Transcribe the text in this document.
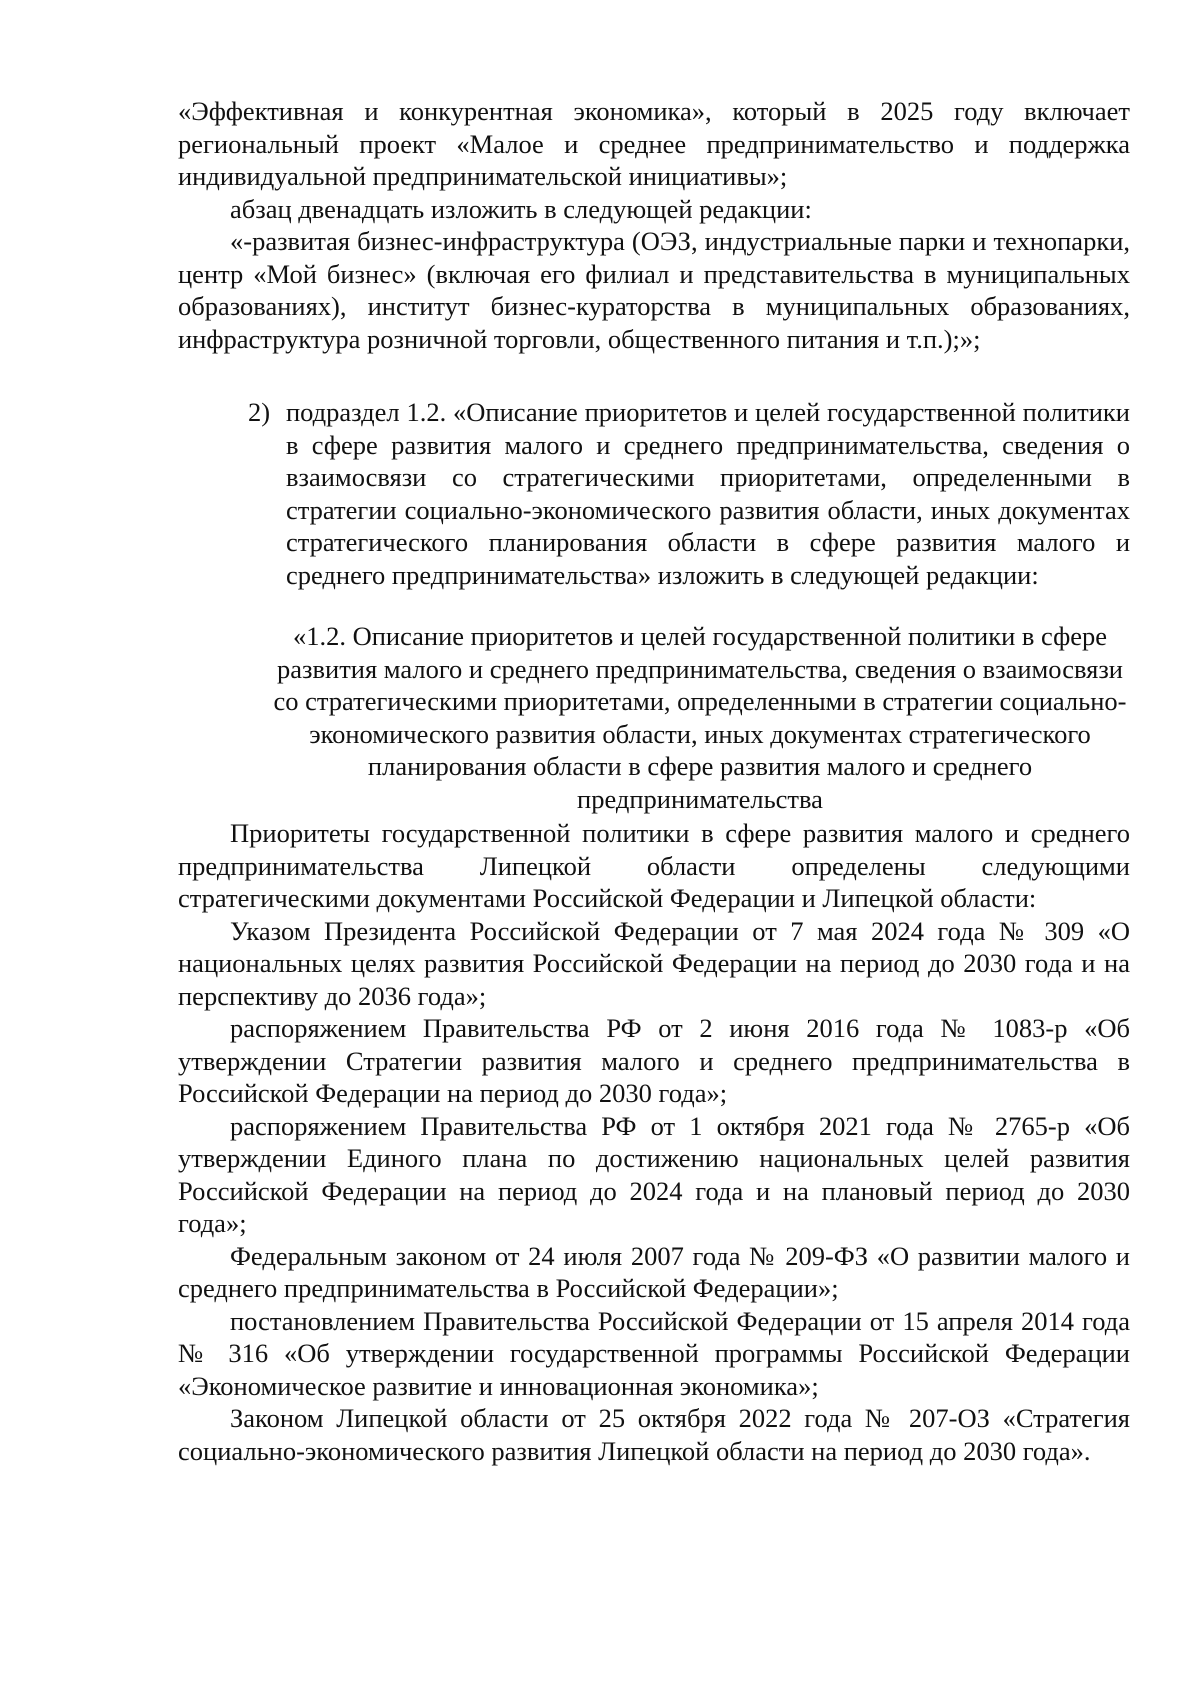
«Эффективная и конкурентная экономика», который в 2025 году включает региональный проект «Малое и среднее предпринимательство и поддержка индивидуальной предпринимательской инициативы»;

абзац двенадцать изложить в следующей редакции:

«-развитая бизнес-инфраструктура (ОЭЗ, индустриальные парки и технопарки, центр «Мой бизнес» (включая его филиал и представительства в муниципальных образованиях), институт бизнес-кураторства в муниципальных образованиях, инфраструктура розничной торговли, общественного питания и т.п.);»;

2) подраздел 1.2. «Описание приоритетов и целей государственной политики в сфере развития малого и среднего предпринимательства, сведения о взаимосвязи со стратегическими приоритетами, определенными в стратегии социально-экономического развития области, иных документах стратегического планирования области в сфере развития малого и среднего предпринимательства» изложить в следующей редакции:

«1.2. Описание приоритетов и целей государственной политики в сфере развития малого и среднего предпринимательства, сведения о взаимосвязи со стратегическими приоритетами, определенными в стратегии социально-экономического развития области, иных документах стратегического планирования области в сфере развития малого и среднего предпринимательства

Приоритеты государственной политики в сфере развития малого и среднего предпринимательства Липецкой области определены следующими стратегическими документами Российской Федерации и Липецкой области:

Указом Президента Российской Федерации от 7 мая 2024 года № 309 «О национальных целях развития Российской Федерации на период до 2030 года и на перспективу до 2036 года»;

распоряжением Правительства РФ от 2 июня 2016 года № 1083-р «Об утверждении Стратегии развития малого и среднего предпринимательства в Российской Федерации на период до 2030 года»;

распоряжением Правительства РФ от 1 октября 2021 года № 2765-р «Об утверждении Единого плана по достижению национальных целей развития Российской Федерации на период до 2024 года и на плановый период до 2030 года»;

Федеральным законом от 24 июля 2007 года № 209-ФЗ «О развитии малого и среднего предпринимательства в Российской Федерации»;

постановлением Правительства Российской Федерации от 15 апреля 2014 года № 316 «Об утверждении государственной программы Российской Федерации «Экономическое развитие и инновационная экономика»;

Законом Липецкой области от 25 октября 2022 года № 207-ОЗ «Стратегия социально-экономического развития Липецкой области на период до 2030 года».
